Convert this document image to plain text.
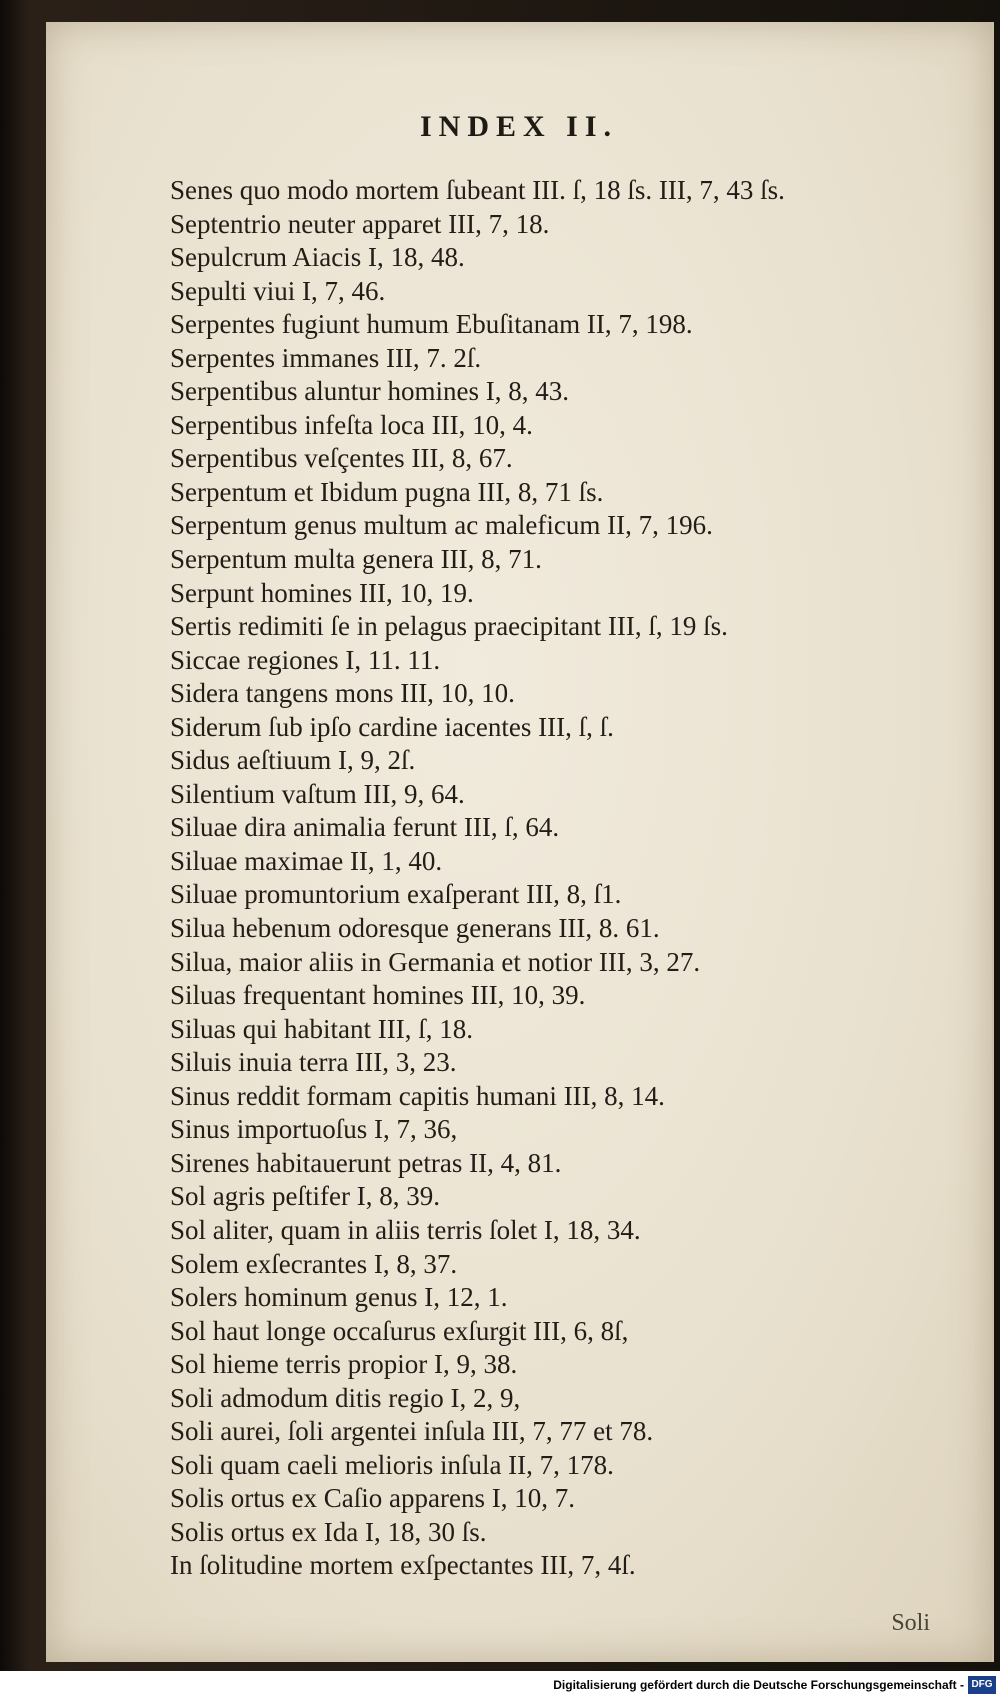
INDEX II.
Senes quo modo mortem ſubeant III. ſ, 18 ſs. III, 7, 43 ſs.
Septentrio neuter apparet III, 7, 18.
Sepulcrum Aiacis I, 18, 48.
Sepulti viui I, 7, 46.
Serpentes fugiunt humum Ebuſitanam II, 7, 198.
Serpentes immanes III, 7. 2ſ.
Serpentibus aluntur homines I, 8, 43.
Serpentibus infeſta loca III, 10, 4.
Serpentibus veſçentes III, 8, 67.
Serpentum et Ibidum pugna III, 8, 71 ſs.
Serpentum genus multum ac maleficum II, 7, 196.
Serpentum multa genera III, 8, 71.
Serpunt homines III, 10, 19.
Sertis redimiti ſe in pelagus praecipitant III, ſ, 19 ſs.
Siccae regiones I, 11. 11.
Sidera tangens mons III, 10, 10.
Siderum ſub ipſo cardine iacentes III, ſ, ſ.
Sidus aeſtiuum I, 9, 2ſ.
Silentium vaſtum III, 9, 64.
Siluae dira animalia ferunt III, ſ, 64.
Siluae maximae II, 1, 40.
Siluae promuntorium exaſperant III, 8, ſ1.
Silua hebenum odoresque generans III, 8. 61.
Silua, maior aliis in Germania et notior III, 3, 27.
Siluas frequentant homines III, 10, 39.
Siluas qui habitant III, ſ, 18.
Siluis inuia terra III, 3, 23.
Sinus reddit formam capitis humani III, 8, 14.
Sinus importuoſus I, 7, 36,
Sirenes habitauerunt petras II, 4, 81.
Sol agris peſtifer I, 8, 39.
Sol aliter, quam in aliis terris ſolet I, 18, 34.
Solem exſecrantes I, 8, 37.
Solers hominum genus I, 12, 1.
Sol haut longe occaſurus exſurgit III, 6, 8ſ,
Sol hieme terris propior I, 9, 38.
Soli admodum ditis regio I, 2, 9,
Soli aurei, ſoli argentei inſula III, 7, 77 et 78.
Soli quam caeli melioris inſula II, 7, 178.
Solis ortus ex Caſio apparens I, 10, 7.
Solis ortus ex Ida I, 18, 30 ſs.
In ſolitudine mortem exſpectantes III, 7, 4ſ.
Soli
Digitalisierung gefördert durch die Deutsche Forschungsgemeinschaft - DFG
